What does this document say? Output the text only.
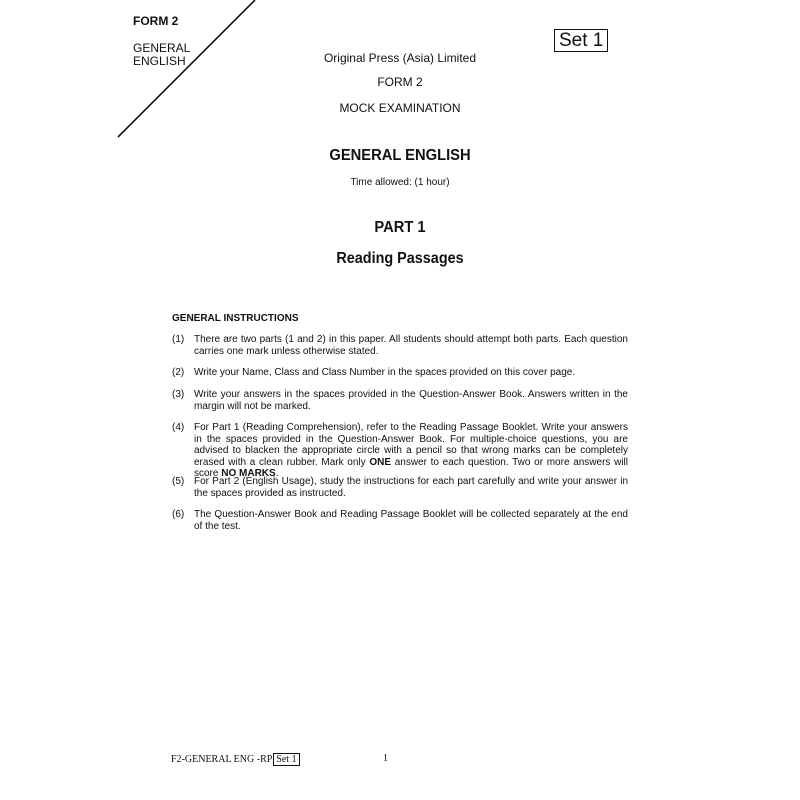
FORM 2
GENERAL ENGLISH
Set 1
Original Press (Asia) Limited
FORM 2
MOCK EXAMINATION
GENERAL ENGLISH
Time allowed: (1 hour)
PART 1
Reading Passages
GENERAL INSTRUCTIONS
(1) There are two parts (1 and 2) in this paper. All students should attempt both parts. Each question carries one mark unless otherwise stated.
(2) Write your Name, Class and Class Number in the spaces provided on this cover page.
(3) Write your answers in the spaces provided in the Question-Answer Book. Answers written in the margin will not be marked.
(4) For Part 1 (Reading Comprehension), refer to the Reading Passage Booklet. Write your answers in the spaces provided in the Question-Answer Book. For multiple-choice questions, you are advised to blacken the appropriate circle with a pencil so that wrong marks can be completely erased with a clean rubber. Mark only ONE answer to each question. Two or more answers will score NO MARKS.
(5) For Part 2 (English Usage), study the instructions for each part carefully and write your answer in the spaces provided as instructed.
(6) The Question-Answer Book and Reading Passage Booklet will be collected separately at the end of the test.
F2-GENERAL ENG -RP Set 1	1
